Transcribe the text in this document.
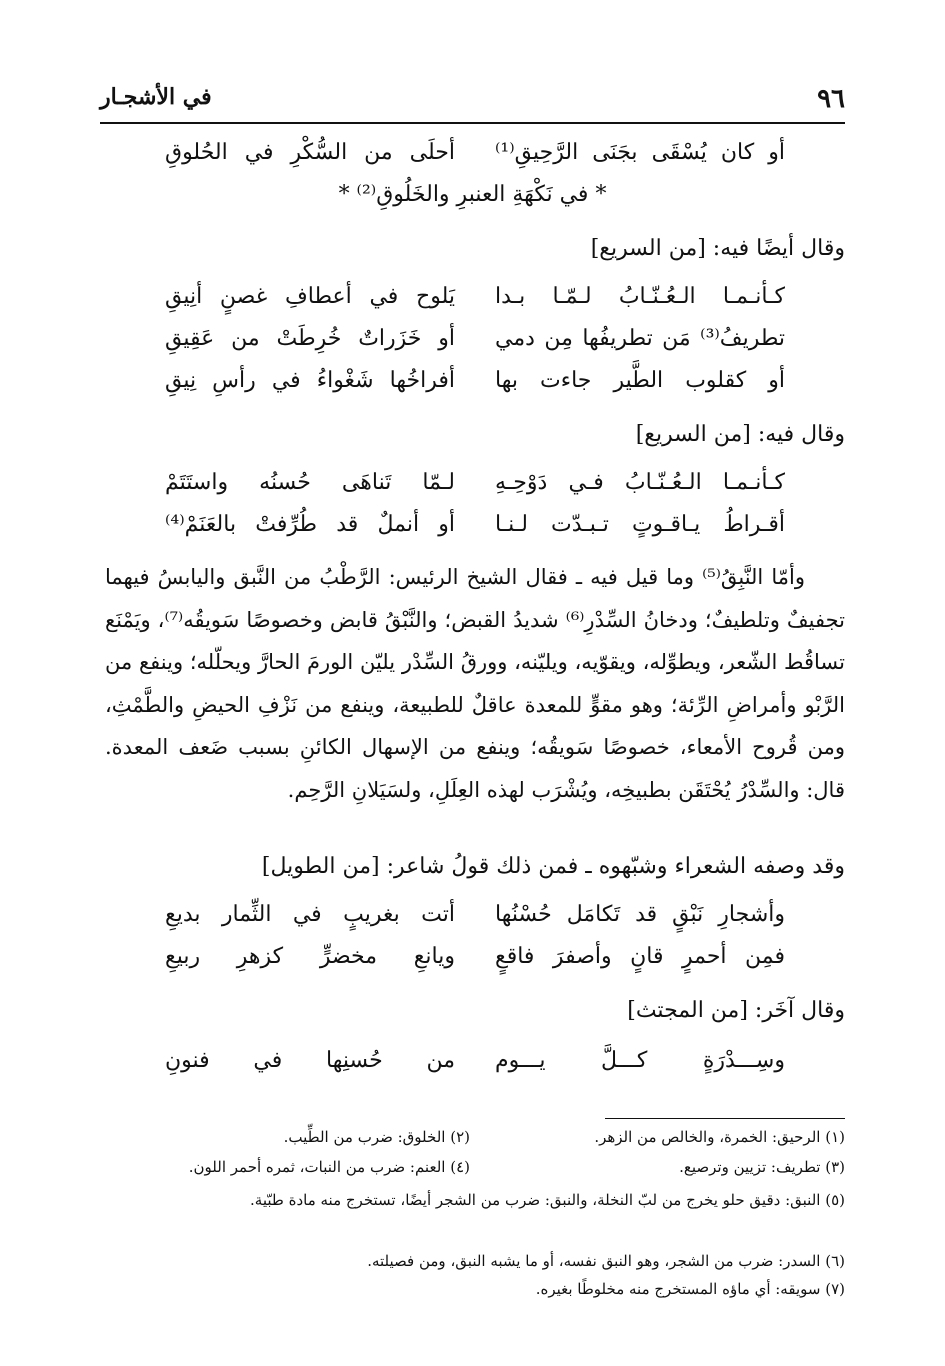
٩٦
في الأشجـار
أو كان يُسْقَى بجَنَى الرَّحِيقِ⁽¹⁾
أحلَى من السُّكْرِ في الحُلوقِ
* في نَكْهَةِ العنبرِ والخَلُوقِ⁽²⁾ *
وقال أيضًا فيه: [من السريع]
كـأنـمـا الـعُـنّـابُ لـمّـا بـدا
يَلوح في أعطافِ غصنٍ أنِيقِ
تطريفُ⁽³⁾ مَن تطريفُها مِن دمي
أو خَزَراتٌ خُرِطَتْ من عَقِيقِ
أو كقلوب الطَّير جاءت بها
أفراخُها شَغْواءُ في رأسِ نِيقِ
وقال فيه: [من السريع]
كـأنـمـا الـعُـنّـابُ فـي دَوْحِـهِ
لـمّا تَناهَى حُسنُه واستَتَمْ
أقـراطُ يـاقـوتٍ تـبـدّت لـنـا
أو أنملٌ قد طُرِّفتْ بالعَنَمْ⁽⁴⁾
وأمّا النَّبِقُ⁽⁵⁾ وما قيل فيه ـ فقال الشيخ الرئيس: الرَّطْبُ من النَّبق واليابسُ فيهما تجفيفٌ وتلطيفٌ؛ ودخانُ السِّدْرِ⁽⁶⁾ شديدُ القبض؛ والنَّبْقُ قابض وخصوصًا سَويقُه⁽⁷⁾، ويَمْنَع تساقُط الشّعر، ويطوِّله، ويقوّيه، ويليّنه، وورقُ السِّدْر يليّن الورمَ الحارَّ ويحلّله؛ وينفع من الرَّبْو وأمراضِ الرِّئة؛ وهو مقوٍّ للمعدة عاقلٌ للطبيعة، وينفع من نَزْفِ الحيضِ والطَّمْثِ، ومن قُروح الأمعاء، خصوصًا سَويقُه؛ وينفع من الإسهال الكائنِ بسبب ضَعف المعدة. قال: والسِّدْرُ يُحْتَقَن بطبيخِه، ويُشْرَب لهذه العِلَلِ، ولسَيَلانِ الرَّحِم.
وقد وصفه الشعراء وشبّهوه ـ فمن ذلك قولُ شاعر: [من الطويل]
وأشجارِ نَبْقٍ قد تَكامَل حُسْنُها
أتت بغريبٍ في الثِّمار بديعِ
فمِن أحمرٍ قانٍ وأصفرَ فاقعٍ
ويانعِ مخضرٍّ كزهرِ ربيعِ
وقال آخَر: [من المجتث]
وسِـــدْرَةٍ كـــلَّ يـــوم
من حُسنِها في فنونِ
(١) الرحيق: الخمرة، والخالص من الزهر.
(٢) الخلوق: ضرب من الطِّيب.
(٣) تطريف: تزيين وترصيع.
(٤) العنم: ضرب من النبات، ثمره أحمر اللون.
(٥) النبق: دقيق حلو يخرج من لبّ النخلة، والنبق: ضرب من الشجر أيضًا، تستخرج منه مادة طبّية.
(٦) السدر: ضرب من الشجر، وهو النبق نفسه، أو ما يشبه النبق، ومن فصيلته.
(٧) سويقه: أي ماؤه المستخرج منه مخلوطًا بغيره.
